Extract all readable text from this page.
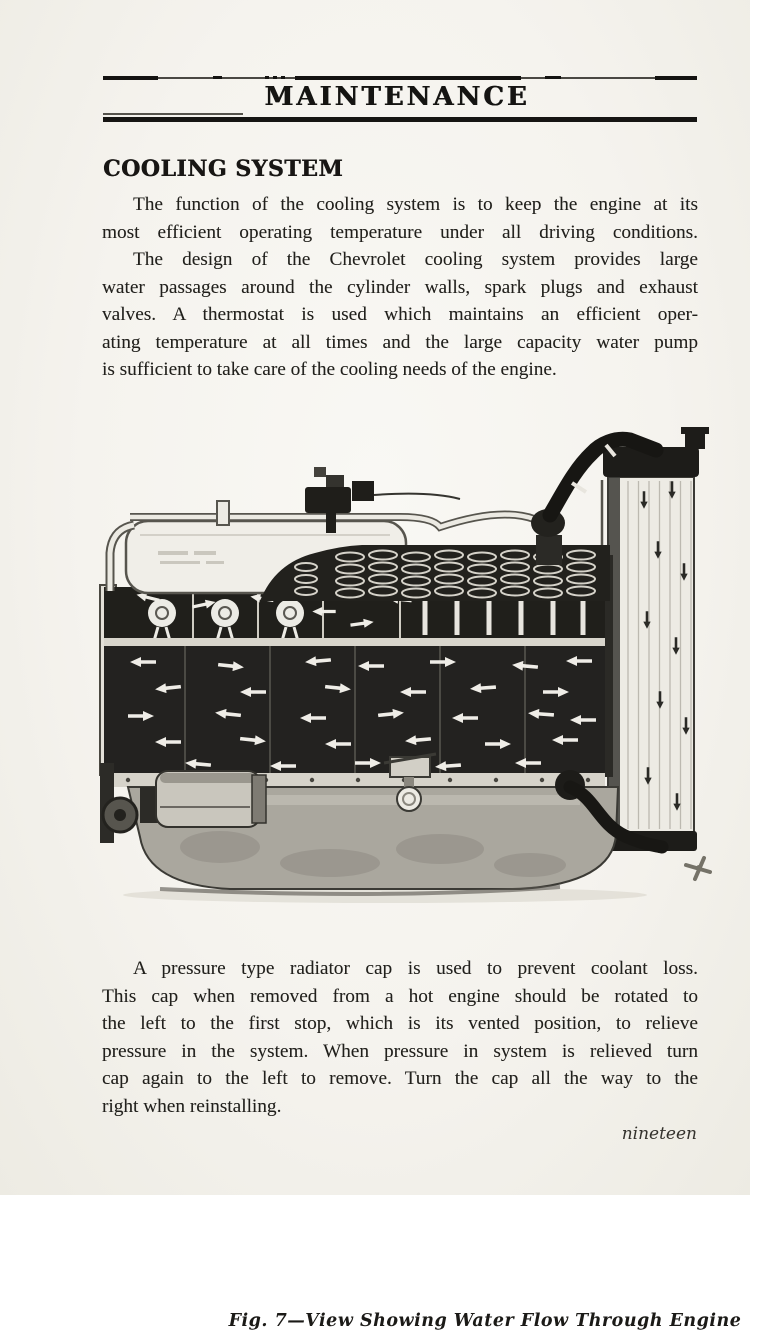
MAINTENANCE
COOLING SYSTEM
The function of the cooling system is to keep the engine at its
most efficient operating temperature under all driving conditions.
The design of the Chevrolet cooling system provides large
water passages around the cylinder walls, spark plugs and exhaust
valves. A thermostat is used which maintains an efficient oper-
ating temperature at all times and the large capacity water pump
is sufficient to take care of the cooling needs of the engine.
Fig. 7—View Showing Water Flow Through Engine
A pressure type radiator cap is used to prevent coolant loss.
This cap when removed from a hot engine should be rotated to
the left to the first stop, which is its vented position, to relieve
pressure in the system. When pressure in system is relieved turn
cap again to the left to remove. Turn the cap all the way to the
right when reinstalling.
nineteen
